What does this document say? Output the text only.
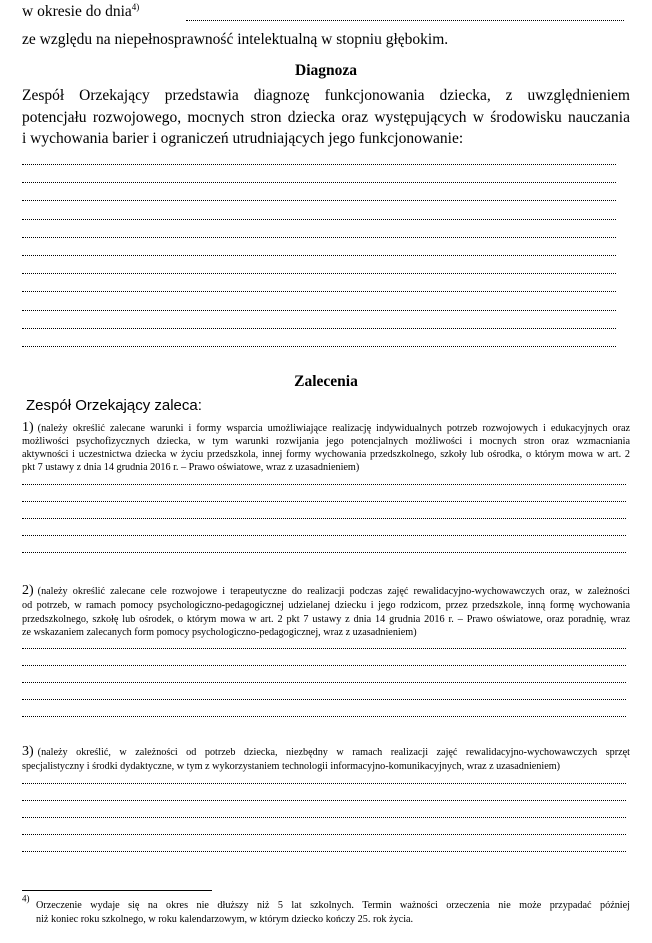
w okresie do dnia$^{4)}$
ze względu na niepełnosprawność intelektualną w stopniu głębokim.
Diagnoza
Zespół Orzekający przedstawia diagnozę funkcjonowania dziecka, z uwzględnieniem
potencjału rozwojowego, mocnych stron dziecka oraz występujących w środowisku nauczania
i wychowania barier i ograniczeń utrudniających jego funkcjonowanie:
Zalecenia
Zespół Orzekający zaleca:
1) (należy określić zalecane warunki i formy wsparcia umożliwiające realizację indywidualnych potrzeb rozwojowych i edukacyjnych oraz
możliwości psychofizycznych dziecka, w tym warunki rozwijania jego potencjalnych możliwości i mocnych stron oraz wzmacniania
aktywności i uczestnictwa dziecka w życiu przedszkola, innej formy wychowania przedszkolnego, szkoły lub ośrodka, o którym mowa w art. 2
pkt 7 ustawy z dnia 14 grudnia 2016 r. – Prawo oświatowe, wraz z uzasadnieniem)
2) (należy określić zalecane cele rozwojowe i terapeutyczne do realizacji podczas zajęć rewalidacyjno-wychowawczych oraz, w zależności
od potrzeb, w ramach pomocy psychologiczno-pedagogicznej udzielanej dziecku i jego rodzicom, przez przedszkole, inną formę wychowania
przedszkolnego, szkołę lub ośrodek, o którym mowa w art. 2 pkt 7 ustawy z dnia 14 grudnia 2016 r. – Prawo oświatowe, oraz poradnię, wraz
ze wskazaniem zalecanych form pomocy psychologiczno-pedagogicznej, wraz z uzasadnieniem)
3) (należy określić, w zależności od potrzeb dziecka, niezbędny w ramach realizacji zajęć rewalidacyjno-wychowawczych sprzęt
specjalistyczny i środki dydaktyczne, w tym z wykorzystaniem technologii informacyjno-komunikacyjnych, wraz z uzasadnieniem)
4)
Orzeczenie wydaje się na okres nie dłuższy niż 5 lat szkolnych. Termin ważności orzeczenia nie może przypadać później
niż koniec roku szkolnego, w roku kalendarzowym, w którym dziecko kończy 25. rok życia.
